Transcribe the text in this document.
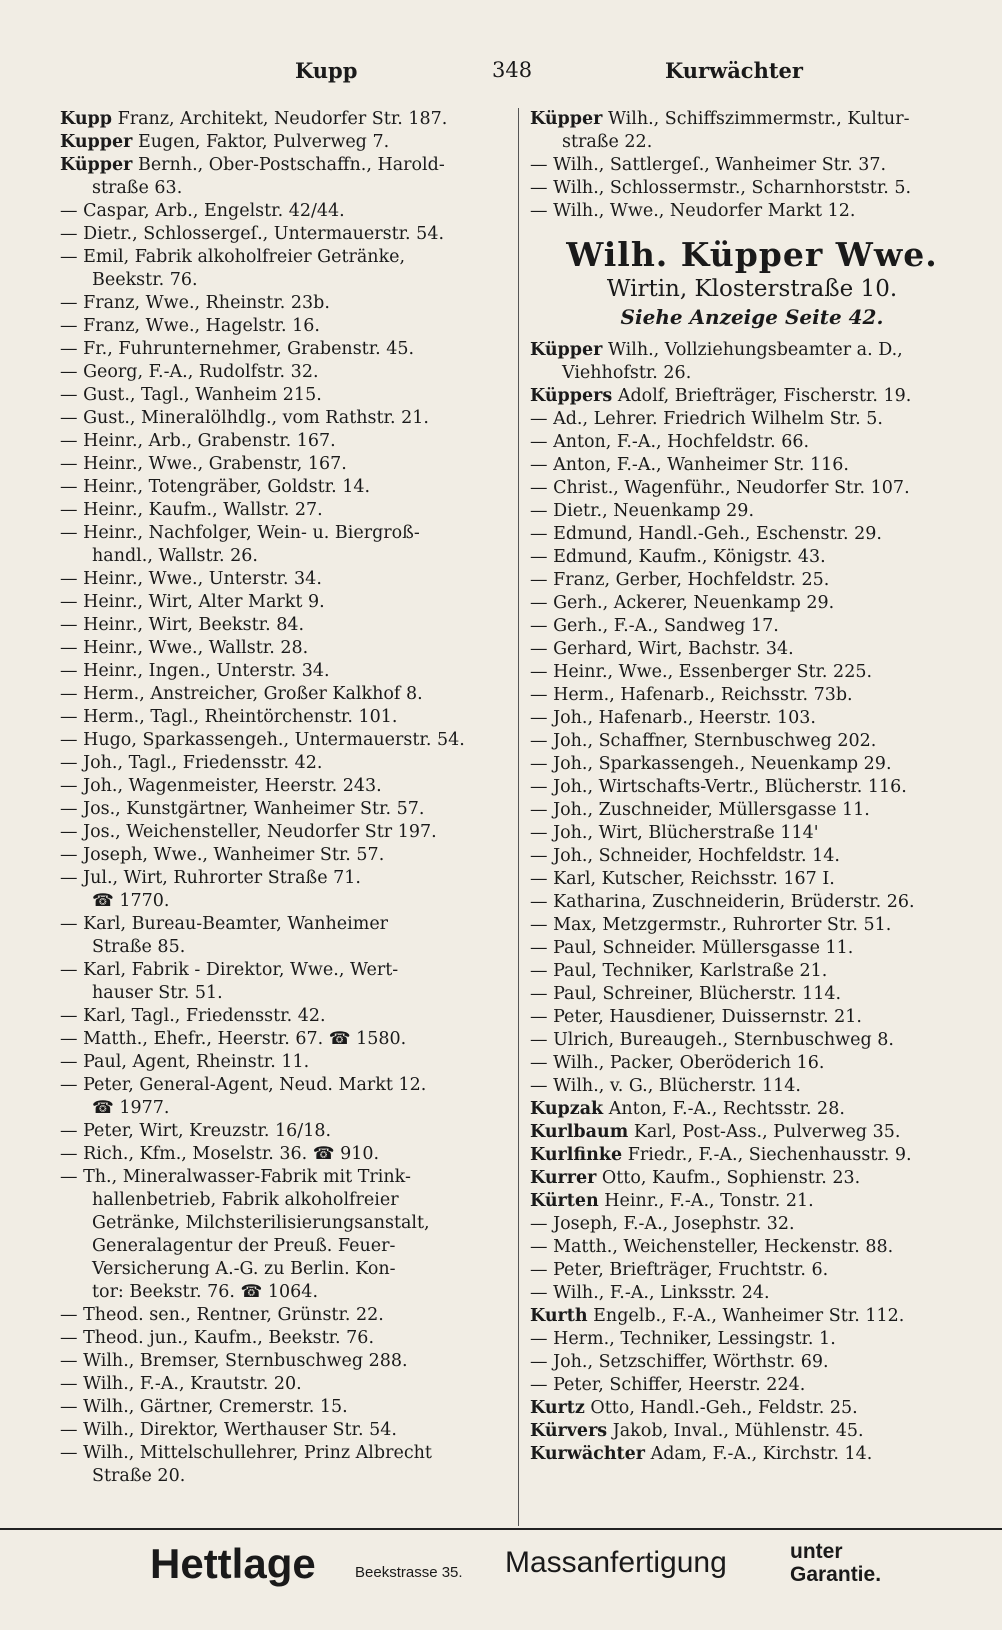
Kupp	348	Kurwächter
Kupp Franz, Architekt, Neudorfer Str. 187.
Kupper Eugen, Faktor, Pulverweg 7.
Küpper Bernh., Ober-Postschaffn., Harold-
straße 63.
— Caspar, Arb., Engelstr. 42/44.
— Dietr., Schlossergeſ., Untermauerstr. 54.
— Emil, Fabrik alkoholfreier Getränke,
Beekstr. 76.
— Franz, Wwe., Rheinstr. 23b.
— Franz, Wwe., Hagelstr. 16.
— Fr., Fuhrunternehmer, Grabenstr. 45.
— Georg, F.-A., Rudolfstr. 32.
— Gust., Tagl., Wanheim 215.
— Gust., Mineralölhdlg., vom Rathstr. 21.
— Heinr., Arb., Grabenstr. 167.
— Heinr., Wwe., Grabenstr, 167.
— Heinr., Totengräber, Goldstr. 14.
— Heinr., Kaufm., Wallstr. 27.
— Heinr., Nachfolger, Wein- u. Biergroß-
handl., Wallstr. 26.
— Heinr., Wwe., Unterstr. 34.
— Heinr., Wirt, Alter Markt 9.
— Heinr., Wirt, Beekstr. 84.
— Heinr., Wwe., Wallstr. 28.
— Heinr., Ingen., Unterstr. 34.
— Herm., Anstreicher, Großer Kalkhof 8.
— Herm., Tagl., Rheintörchenstr. 101.
— Hugo, Sparkassengeh., Untermauerstr. 54.
— Joh., Tagl., Friedensstr. 42.
— Joh., Wagenmeister, Heerstr. 243.
— Jos., Kunstgärtner, Wanheimer Str. 57.
— Jos., Weichensteller, Neudorfer Str 197.
— Joseph, Wwe., Wanheimer Str. 57.
— Jul., Wirt, Ruhrorter Straße 71.
☎ 1770.
— Karl, Bureau-Beamter, Wanheimer
Straße 85.
— Karl, Fabrik - Direktor, Wwe., Wert-
hauser Str. 51.
— Karl, Tagl., Friedensstr. 42.
— Matth., Ehefr., Heerstr. 67. ☎ 1580.
— Paul, Agent, Rheinstr. 11.
— Peter, General-Agent, Neud. Markt 12.
☎ 1977.
— Peter, Wirt, Kreuzstr. 16/18.
— Rich., Kfm., Moselstr. 36. ☎ 910.
— Th., Mineralwasser-Fabrik mit Trink-
hallenbetrieb, Fabrik alkoholfreier
Getränke, Milchsterilisierungsanstalt,
Generalagentur der Preuß. Feuer-
Versicherung A.-G. zu Berlin. Kon-
tor: Beekstr. 76. ☎ 1064.
— Theod. sen., Rentner, Grünstr. 22.
— Theod. jun., Kaufm., Beekstr. 76.
— Wilh., Bremser, Sternbuschweg 288.
— Wilh., F.-A., Krautstr. 20.
— Wilh., Gärtner, Cremerstr. 15.
— Wilh., Direktor, Werthauser Str. 54.
— Wilh., Mittelschullehrer, Prinz Albrecht
Straße 20.
Küpper Wilh., Schiffszimmermstr., Kultur-
straße 22.
— Wilh., Sattlergeſ., Wanheimer Str. 37.
— Wilh., Schlossermstr., Scharnhorststr. 5.
— Wilh., Wwe., Neudorfer Markt 12.
Wilh. Küpper Wwe.
Wirtin, Klosterstraße 10.
Siehe Anzeige Seite 42.
Küpper Wilh., Vollziehungsbeamter a. D.,
Viehhofstr. 26.
Küppers Adolf, Briefträger, Fischerstr. 19.
— Ad., Lehrer. Friedrich Wilhelm Str. 5.
— Anton, F.-A., Hochfeldstr. 66.
— Anton, F.-A., Wanheimer Str. 116.
— Christ., Wagenführ., Neudorfer Str. 107.
— Dietr., Neuenkamp 29.
— Edmund, Handl.-Geh., Eschenstr. 29.
— Edmund, Kaufm., Königstr. 43.
— Franz, Gerber, Hochfeldstr. 25.
— Gerh., Ackerer, Neuenkamp 29.
— Gerh., F.-A., Sandweg 17.
— Gerhard, Wirt, Bachstr. 34.
— Heinr., Wwe., Essenberger Str. 225.
— Herm., Hafenarb., Reichsstr. 73b.
— Joh., Hafenarb., Heerstr. 103.
— Joh., Schaffner, Sternbuschweg 202.
— Joh., Sparkassengeh., Neuenkamp 29.
— Joh., Wirtschafts-Vertr., Blücherstr. 116.
— Joh., Zuschneider, Müllersgasse 11.
— Joh., Wirt, Blücherstraße 114'
— Joh., Schneider, Hochfeldstr. 14.
— Karl, Kutscher, Reichsstr. 167 I.
— Katharina, Zuschneiderin, Brüderstr. 26.
— Max, Metzgermstr., Ruhrorter Str. 51.
— Paul, Schneider. Müllersgasse 11.
— Paul, Techniker, Karlstraße 21.
— Paul, Schreiner, Blücherstr. 114.
— Peter, Hausdiener, Duissernstr. 21.
— Ulrich, Bureaugeh., Sternbuschweg 8.
— Wilh., Packer, Oberöderich 16.
— Wilh., v. G., Blücherstr. 114.
Kupzak Anton, F.-A., Rechtsstr. 28.
Kurlbaum Karl, Post-Ass., Pulverweg 35.
Kurlfinke Friedr., F.-A., Siechenhausstr. 9.
Kurrer Otto, Kaufm., Sophienstr. 23.
Kürten Heinr., F.-A., Tonstr. 21.
— Joseph, F.-A., Josephstr. 32.
— Matth., Weichensteller, Heckenstr. 88.
— Peter, Briefträger, Fruchtstr. 6.
— Wilh., F.-A., Linksstr. 24.
Kurth Engelb., F.-A., Wanheimer Str. 112.
— Herm., Techniker, Lessingstr. 1.
— Joh., Setzschiffer, Wörthstr. 69.
— Peter, Schiffer, Heerstr. 224.
Kurtz Otto, Handl.-Geh., Feldstr. 25.
Kürvers Jakob, Inval., Mühlenstr. 45.
Kurwächter Adam, F.-A., Kirchstr. 14.
Hettlage	Beekstrasse 35. Massanfertigung	unter
Garantie.
